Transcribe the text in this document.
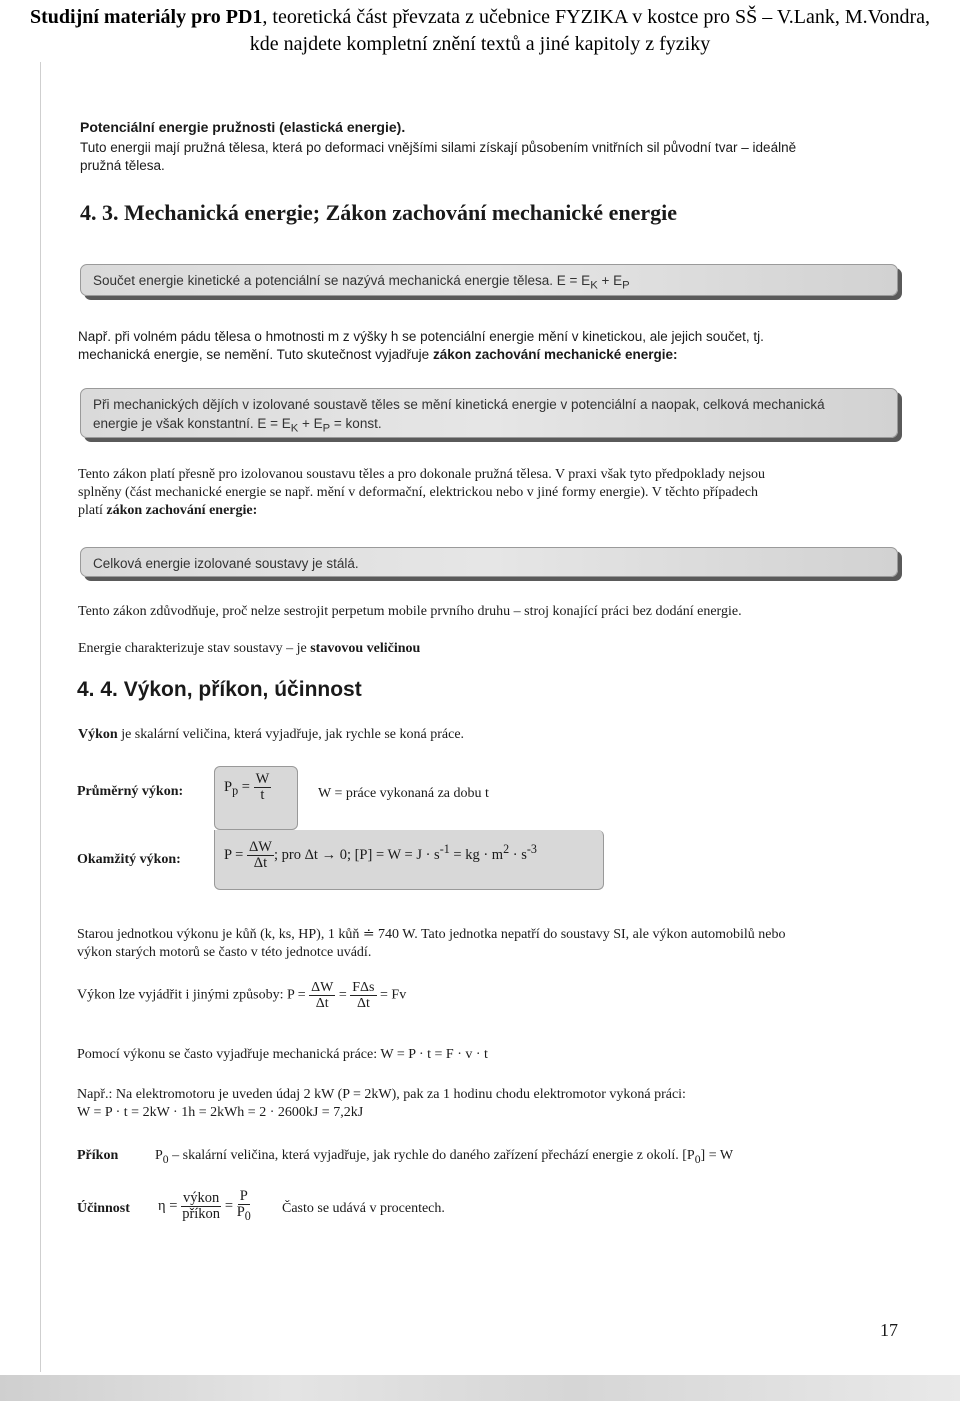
Studijní materiály pro PD1, teoretická část převzata z učebnice FYZIKA v kostce pro SŠ – V.Lank, M.Vondra,
kde najdete kompletní znění textů a jiné kapitoly z fyziky
Potenciální energie pružnosti (elastická energie).
Tuto energii mají pružná tělesa, která po deformaci vnějšími silami získají působením vnitřních sil původní tvar – ideálně
pružná tělesa.
4. 3. Mechanická energie; Zákon zachování mechanické energie
Součet energie kinetické a potenciální se nazývá mechanická energie tělesa. $E = E_K + E_P$
Např. při volném pádu tělesa o hmotnosti m z výšky h se potenciální energie mění v kinetickou, ale jejich součet, tj.
mechanická energie, se nemění. Tuto skutečnost vyjadřuje zákon zachování mechanické energie:
Při mechanických dějích v izolované soustavě těles se mění kinetická energie v potenciální a naopak, celková mechanická
energie je však konstantní. $E = E_K + E_P$ = konst.
Tento zákon platí přesně pro izolovanou soustavu těles a pro dokonale pružná tělesa. V praxi však tyto předpoklady nejsou
splněny (část mechanické energie se např. mění v deformační, elektrickou nebo v jiné formy energie). V těchto případech
platí zákon zachování energie:
Celková energie izolované soustavy je stálá.
Tento zákon zdůvodňuje, proč nelze sestrojit perpetum mobile prvního druhu – stroj konající práci bez dodání energie.
Energie charakterizuje stav soustavy – je stavovou veličinou
4. 4. Výkon, příkon, účinnost
Výkon je skalární veličina, která vyjadřuje, jak rychle se koná práce.
Průměrný výkon:	$P_p = \frac{W}{t}$	W = práce vykonaná za dobu t
Okamžitý výkon:	$P = \frac{\Delta W}{\Delta t}$ ; pro Δt → 0; $[P] = W = J \cdot s^{-1}$ = kg · $m^2 \cdot s^{-3}$
Starou jednotkou výkonu je kůň (k, ks, HP), 1 kůň ≐ 740 W. Tato jednotka nepatří do soustavy SI, ale výkon automobilů nebo
výkon starých motorů se často v této jednotce uvádí.
Výkon lze vyjádřit i jinými způsoby: $P = \frac{\Delta W}{\Delta t} = \frac{\text{FΔs}}{\Delta t} = Fv$
Pomocí výkonu se často vyjadřuje mechanická práce: W = P · t = F · v · t
Např.: Na elektromotoru je uveden údaj 2 kW (P = 2kW), pak za 1 hodinu chodu elektromotor vykoná práci:
W = P · t = 2kW · 1h = 2kWh = 2 · 2600kJ = 7,2kJ
Příkon	$P_0$ – skalární veličina, která vyjadřuje, jak rychle do daného zařízení přechází energie z okolí. $[P_0] = W$
Účinnost $\eta = \frac{\text{výkon}}{\text{příkon}} = \frac{P}{P_0}$ Často se udává v procentech.
17
